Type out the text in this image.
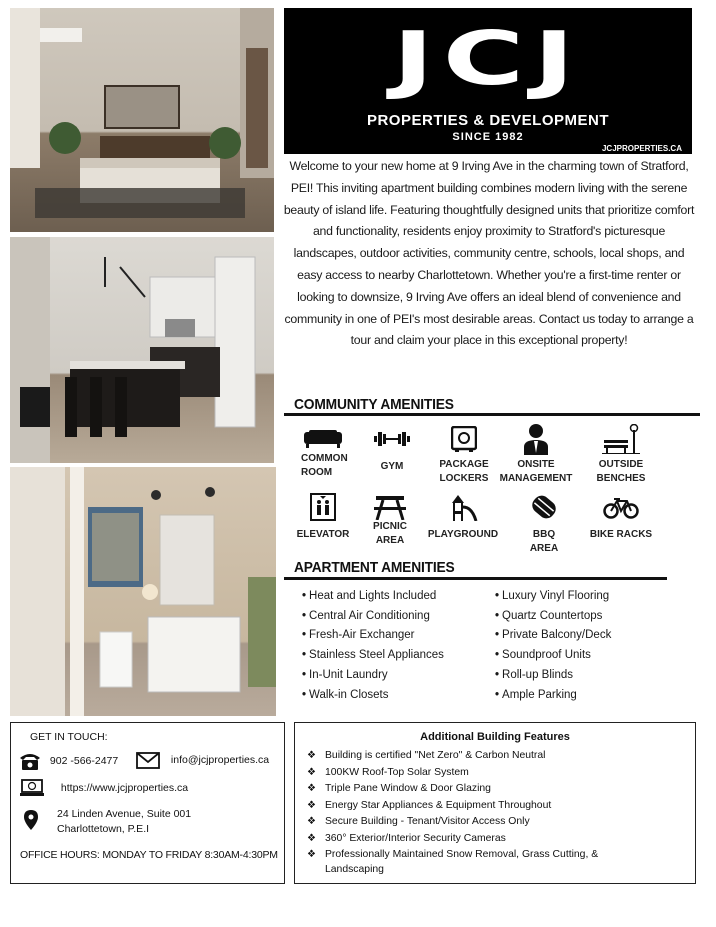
JCJ
PROPERTIES & DEVELOPMENT
SINCE 1982
JCJPROPERTIES.CA

Welcome to your new home at 9 Irving Ave in the charming town of Stratford, PEI! This inviting apartment building combines modern living with the serene beauty of island life. Featuring thoughtfully designed units that prioritize comfort and functionality, residents enjoy proximity to Stratford's picturesque landscapes, outdoor activities, community centre, schools, local shops, and easy access to nearby Charlottetown. Whether you're a first-time renter or looking to downsize, 9 Irving Ave offers an ideal blend of convenience and community in one of PEI's most desirable areas. Contact us today to arrange a tour and claim your place in this exceptional property!

COMMUNITY AMENITIES
COMMON ROOM
GYM	PACKAGE LOCKERS
ONSITE MANAGEMENT
OUTSIDE BENCHES
ELEVATOR
PICNIC AREA
PLAYGROUND	BBQ AREA
BIKE RACKS
APARTMENT AMENITIES
• Heat and Lights Included
• Central Air Conditioning
• Fresh-Air Exchanger
• Stainless Steel Appliances
• In-Unit Laundry
• Walk-in Closets
• Luxury Vinyl Flooring
• Quartz Countertops
• Private Balcony/Deck
• Soundproof Units
• Roll-up Blinds
• Ample Parking
GET IN TOUCH:
902 -566-2477	info@jcjproperties.ca
https://www.jcjproperties.ca
24 Linden Avenue, Suite 001
Charlottetown, P.E.I
OFFICE HOURS: MONDAY TO FRIDAY 8:30AM-4:30PM
Additional Building Features
❖ Building is certified "Net Zero" & Carbon Neutral
❖ 100KW Roof-Top Solar System
❖ Triple Pane Window & Door Glazing
❖ Energy Star Appliances & Equipment Throughout
❖ Secure Building - Tenant/Visitor Access Only
❖ 360° Exterior/Interior Security Cameras
❖ Professionally Maintained Snow Removal, Grass Cutting, & Landscaping
